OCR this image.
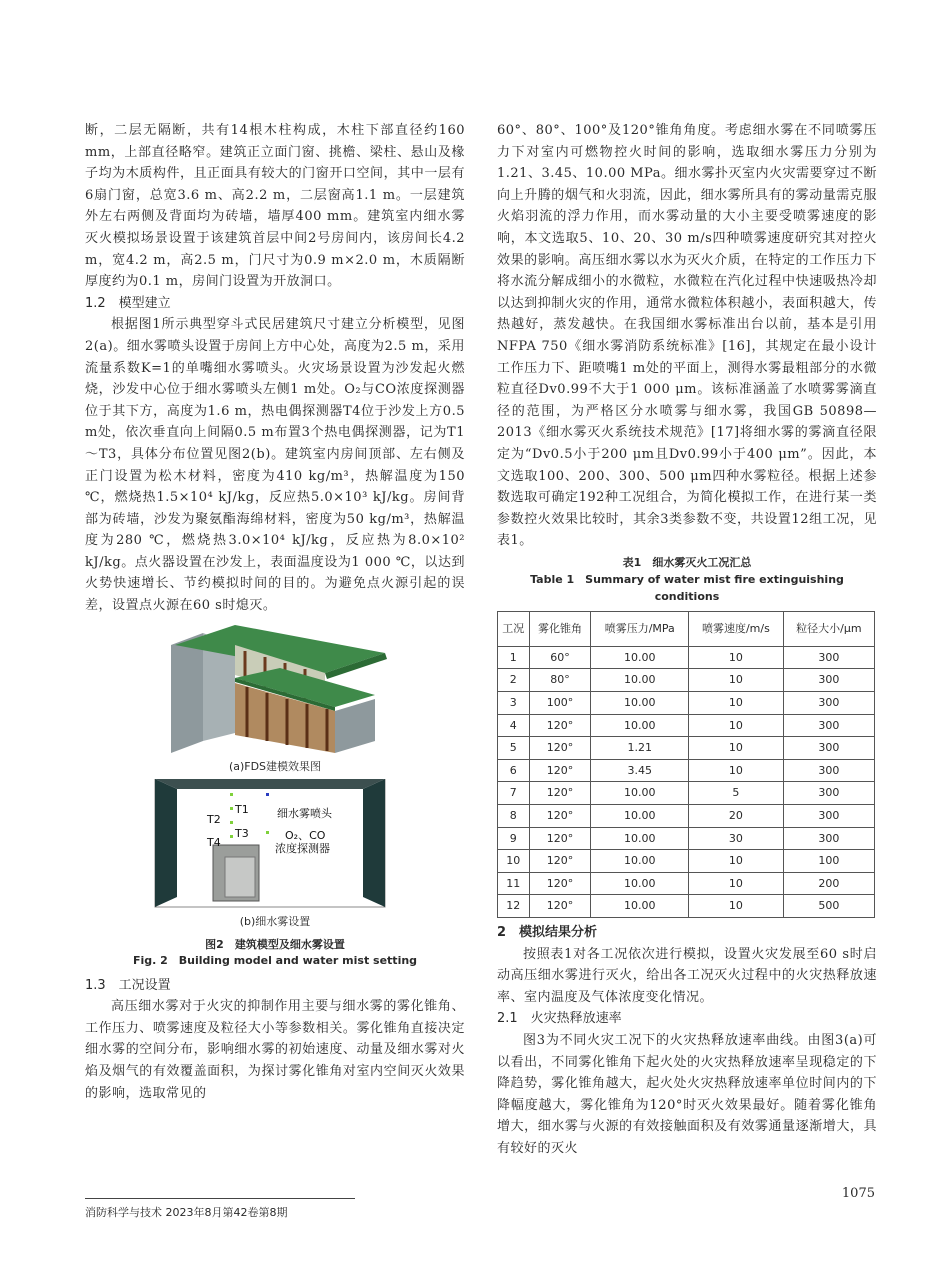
断，二层无隔断，共有14根木柱构成，木柱下部直径约160 mm，上部直径略窄。建筑正立面门窗、挑檐、梁柱、悬山及椽子均为木质构件，且正面具有较大的门窗开口空间，其中一层有6扇门窗，总宽3.6 m、高2.2 m，二层窗高1.1 m。一层建筑外左右两侧及背面均为砖墙，墙厚400 mm。建筑室内细水雾灭火模拟场景设置于该建筑首层中间2号房间内，该房间长4.2 m，宽4.2 m，高2.5 m，门尺寸为0.9 m×2.0 m，木质隔断厚度约为0.1 m，房间门设置为开放洞口。

1.2　模型建立

根据图1所示典型穿斗式民居建筑尺寸建立分析模型，见图2(a)。细水雾喷头设置于房间上方中心处，高度为2.5 m，采用流量系数K=1的单嘴细水雾喷头。火灾场景设置为沙发起火燃烧，沙发中心位于细水雾喷头左侧1 m处。O₂与CO浓度探测器位于其下方，高度为1.6 m，热电偶探测器T4位于沙发上方0.5 m处，依次垂直向上间隔0.5 m布置3个热电偶探测器，记为T1～T3，具体分布位置见图2(b)。建筑室内房间顶部、左右侧及正门设置为松木材料，密度为410 kg/m³，热解温度为150 ℃，燃烧热1.5×10⁴ kJ/kg，反应热5.0×10³ kJ/kg。房间背部为砖墙，沙发为聚氨酯海绵材料，密度为50 kg/m³，热解温度为280 ℃，燃烧热3.0×10⁴ kJ/kg，反应热为8.0×10² kJ/kg。点火器设置在沙发上，表面温度设为1 000 ℃，以达到火势快速增长、节约模拟时间的目的。为避免点火源引起的误差，设置点火源在60 s时熄灭。

(a)FDS建模效果图
T1
T2
T3
T4
细水雾喷头
O₂、CO
浓度探测器
(b)细水雾设置
图2　建筑模型及细水雾设置
Fig. 2　Building model and water mist setting
1.3　工况设置

高压细水雾对于火灾的抑制作用主要与细水雾的雾化锥角、工作压力、喷雾速度及粒径大小等参数相关。雾化锥角直接决定细水雾的空间分布，影响细水雾的初始速度、动量及细水雾对火焰及烟气的有效覆盖面积，为探讨雾化锥角对室内空间灭火效果的影响，选取常见的

60°、80°、100°及120°锥角角度。考虑细水雾在不同喷雾压力下对室内可燃物控火时间的影响，选取细水雾压力分别为1.21、3.45、10.00 MPa。细水雾扑灭室内火灾需要穿过不断向上升腾的烟气和火羽流，因此，细水雾所具有的雾动量需克服火焰羽流的浮力作用，而水雾动量的大小主要受喷雾速度的影响，本文选取5、10、20、30 m/s四种喷雾速度研究其对控火效果的影响。高压细水雾以水为灭火介质，在特定的工作压力下将水流分解成细小的水微粒，水微粒在汽化过程中快速吸热冷却以达到抑制火灾的作用，通常水微粒体积越小，表面积越大，传热越好，蒸发越快。在我国细水雾标准出台以前，基本是引用NFPA 750《细水雾消防系统标准》[16]，其规定在最小设计工作压力下、距喷嘴1 m处的平面上，测得水雾最粗部分的水微粒直径Dv0.99不大于1 000 μm。该标准涵盖了水喷雾雾滴直径的范围，为严格区分水喷雾与细水雾，我国GB 50898—2013《细水雾灭火系统技术规范》[17]将细水雾的雾滴直径限定为“Dv0.5小于200 μm且Dv0.99小于400 μm”。因此，本文选取100、200、300、500 μm四种水雾粒径。根据上述参数选取可确定192种工况组合，为简化模拟工作，在进行某一类参数控火效果比较时，其余3类参数不变，共设置12组工况，见表1。

表1　细水雾灭火工况汇总
Table 1　Summary of water mist fire extinguishing conditions
工况	雾化锥角	喷雾压力/MPa	喷雾速度/m/s	粒径大小/μm
1	60°	10.00	10	300
2	80°	10.00	10	300
3	100°	10.00	10	300
4	120°	10.00	10	300
5	120°	1.21	10	300
6	120°	3.45	10	300
7	120°	10.00	5	300
8	120°	10.00	20	300
9	120°	10.00	30	300
10	120°	10.00	10	100
11	120°	10.00	10	200
12	120°	10.00	10	500
2　模拟结果分析

按照表1对各工况依次进行模拟，设置火灾发展至60 s时启动高压细水雾进行灭火，给出各工况灭火过程中的火灾热释放速率、室内温度及气体浓度变化情况。

2.1　火灾热释放速率

图3为不同火灾工况下的火灾热释放速率曲线。由图3(a)可以看出，不同雾化锥角下起火处的火灾热释放速率呈现稳定的下降趋势，雾化锥角越大，起火处火灾热释放速率单位时间内的下降幅度越大，雾化锥角为120°时灭火效果最好。随着雾化锥角增大，细水雾与火源的有效接触面积及有效雾通量逐渐增大，具有较好的灭火

消防科学与技术 2023年8月第42卷第8期
1075
